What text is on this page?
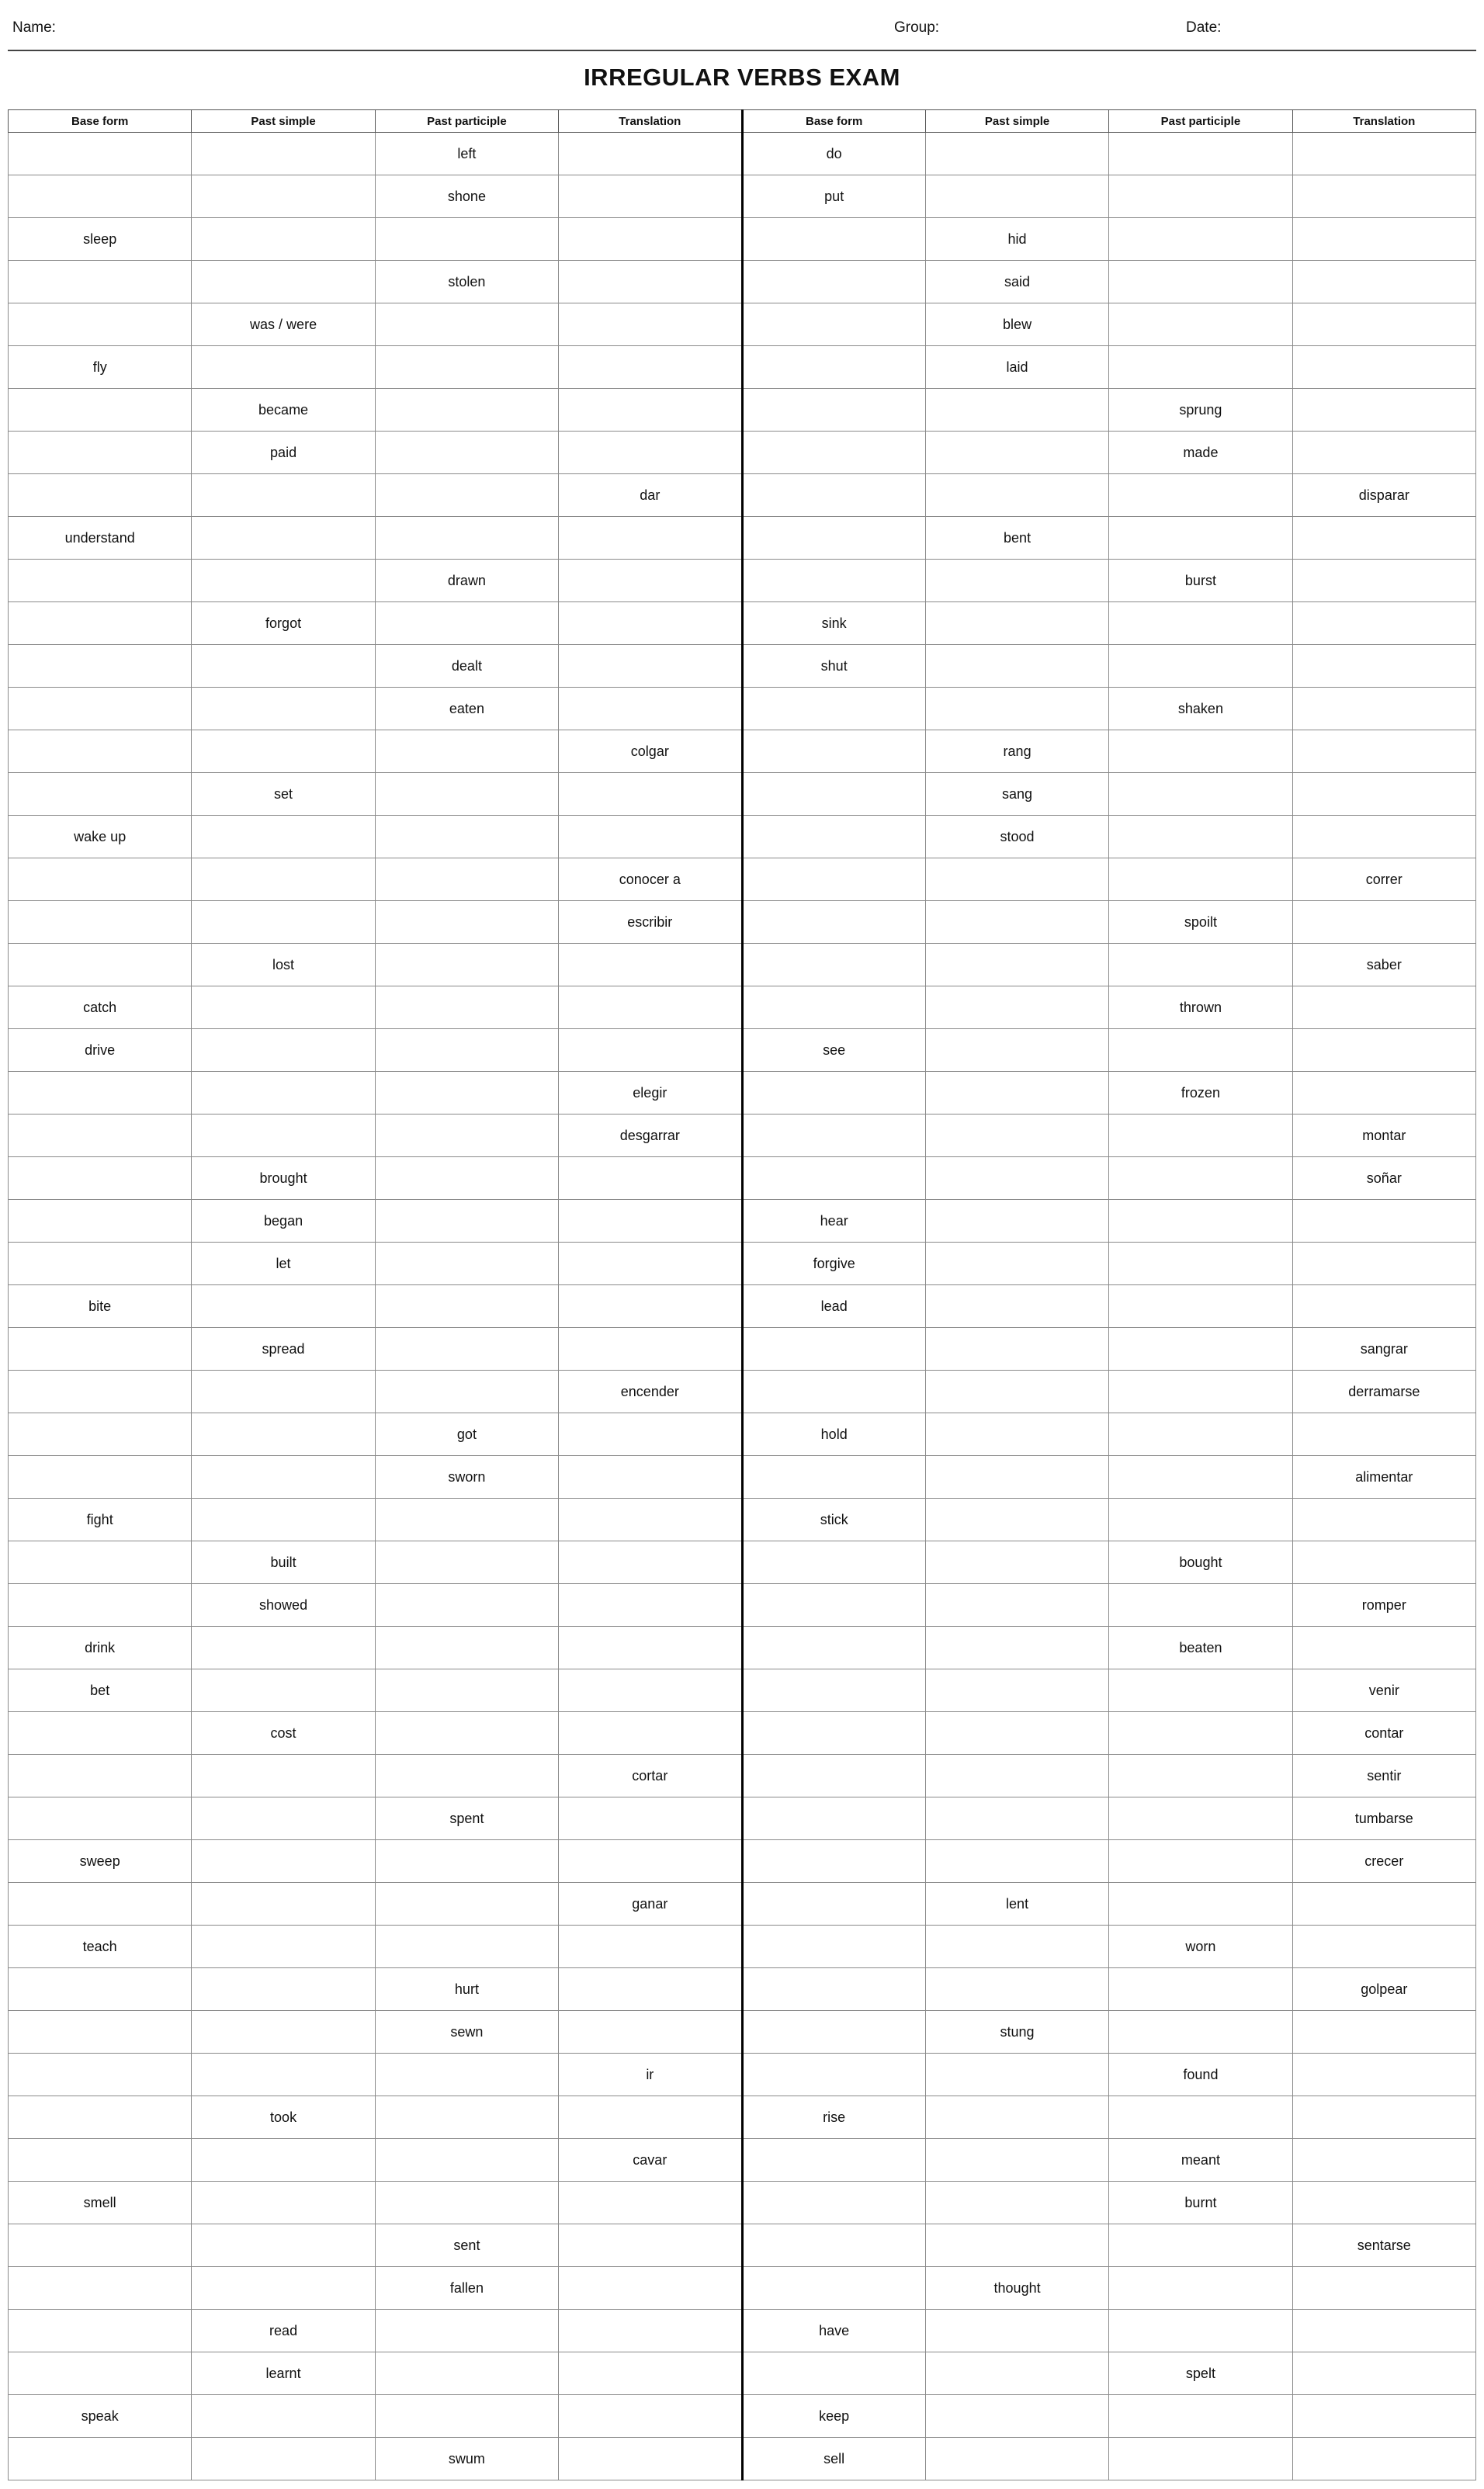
Name:	Group:	Date:
IRREGULAR VERBS EXAM
Base form	Past simple	Past participle	Translation	Base form	Past simple	Past participle	Translation
		left		do			
		shone		put			
sleep					hid		
		stolen			said		
	was / were				blew		
fly					laid		
	became					sprung	
	paid					made	
			dar				disparar
understand					bent		
		drawn				burst	
	forgot			sink			
		dealt		shut			
		eaten				shaken	
			colgar		rang		
	set				sang		
wake up					stood		
			conocer a				correr
			escribir			spoilt	
	lost						saber
catch						thrown	
drive				see			
			elegir			frozen	
			desgarrar				montar
	brought						soñar
	began			hear			
	let			forgive			
bite				lead			
	spread						sangrar
			encender				derramarse
		got		hold			
		sworn					alimentar
fight				stick			
	built					bought	
	showed						romper
drink						beaten	
bet							venir
	cost						contar
			cortar				sentir
		spent					tumbarse
sweep							crecer
			ganar		lent		
teach						worn	
		hurt					golpear
		sewn			stung		
			ir			found	
	took			rise			
			cavar			meant	
smell						burnt	
		sent					sentarse
		fallen			thought		
	read			have			
	learnt					spelt	
speak				keep			
		swum		sell			
